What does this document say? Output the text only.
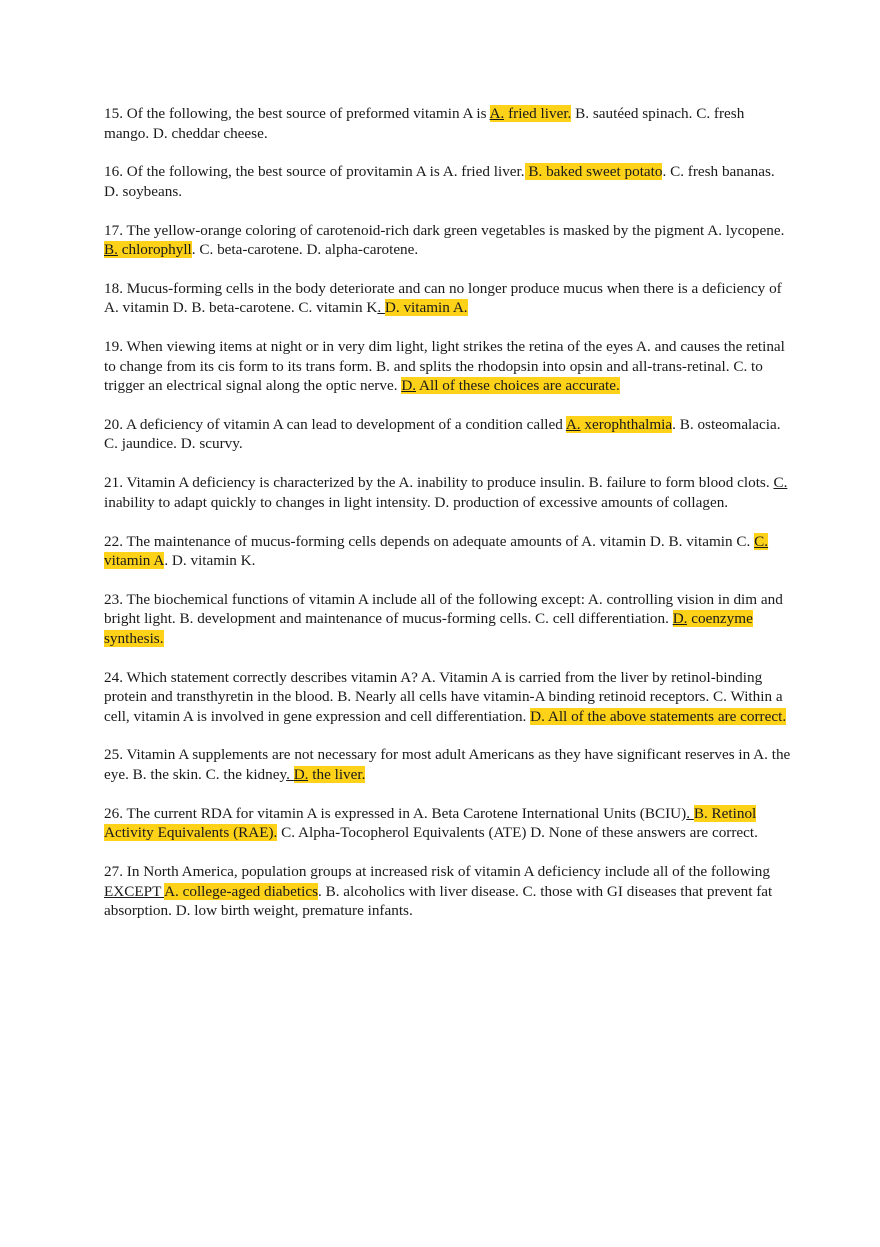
15. Of the following, the best source of preformed vitamin A is A. fried liver. B. sautéed spinach. C. fresh mango. D. cheddar cheese.

16. Of the following, the best source of provitamin A is A. fried liver. B. baked sweet potato. C. fresh bananas. D. soybeans.

17. The yellow-orange coloring of carotenoid-rich dark green vegetables is masked by the pigment A. lycopene. B. chlorophyll. C. beta-carotene. D. alpha-carotene.

18. Mucus-forming cells in the body deteriorate and can no longer produce mucus when there is a deficiency of A. vitamin D. B. beta-carotene. C. vitamin K. D. vitamin A.

19. When viewing items at night or in very dim light, light strikes the retina of the eyes A. and causes the retinal to change from its cis form to its trans form. B. and splits the rhodopsin into opsin and all-trans-retinal. C. to trigger an electrical signal along the optic nerve. D. All of these choices are accurate.

20. A deficiency of vitamin A can lead to development of a condition called A. xerophthalmia. B. osteomalacia. C. jaundice. D. scurvy.

21. Vitamin A deficiency is characterized by the A. inability to produce insulin. B. failure to form blood clots. C. inability to adapt quickly to changes in light intensity. D. production of excessive amounts of collagen.

22. The maintenance of mucus-forming cells depends on adequate amounts of A. vitamin D. B. vitamin C. C. vitamin A. D. vitamin K.

23. The biochemical functions of vitamin A include all of the following except: A. controlling vision in dim and bright light. B. development and maintenance of mucus-forming cells. C. cell differentiation. D. coenzyme synthesis.

24. Which statement correctly describes vitamin A? A. Vitamin A is carried from the liver by retinol-binding protein and transthyretin in the blood. B. Nearly all cells have vitamin-A binding retinoid receptors. C. Within a cell, vitamin A is involved in gene expression and cell differentiation. D. All of the above statements are correct.

25. Vitamin A supplements are not necessary for most adult Americans as they have significant reserves in A. the eye. B. the skin. C. the kidney. D. the liver.

26. The current RDA for vitamin A is expressed in A. Beta Carotene International Units (BCIU). B. Retinol Activity Equivalents (RAE). C. Alpha-Tocopherol Equivalents (ATE) D. None of these answers are correct.

27. In North America, population groups at increased risk of vitamin A deficiency include all of the following EXCEPT A. college-aged diabetics. B. alcoholics with liver disease. C. those with GI diseases that prevent fat absorption. D. low birth weight, premature infants.
